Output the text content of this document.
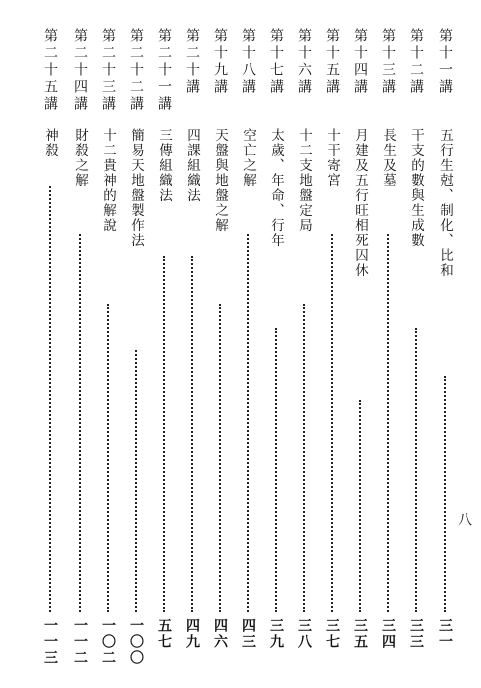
八
第十一講
五行生尅、制化、比和
三一
第十二講
干支的數與生成數
三三
第十三講
長生及墓
三四
第十四講
月建及五行旺相死囚休
三五
第十五講
十干寄宮
三七
第十六講
十二支地盤定局
三八
第十七講
太歲、年命、行年
三九
第十八講
空亡之解
四三
第十九講
天盤與地盤之解
四六
第二十講
四課組織法
四九
第二十一講
三傳組織法
五七
第二十二講
簡易天地盤製作法
一〇〇
第二十三講
十二貴神的解說
一〇二
第二十四講
財殺之解
一一二
第二十五講
神殺
一一三
